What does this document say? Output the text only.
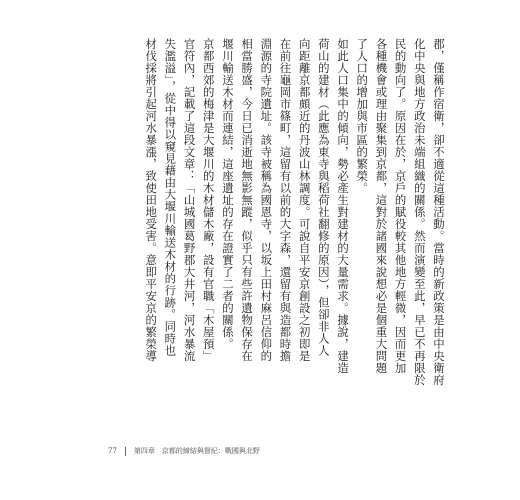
郡，僅稱作宿衛，卻不適從這種活動。當時的新政策是由中央衛府
化中央與地方政治未端組織的關係。然而演變至此，早已不再限於
民的動向了。原因在於，京戶的賦役較其他地方輕微，因而更加
各種機會或理由聚集到京都，這對於諸國來說想必是個重大問題
了人口的增加與市區的繁榮。
如此人口集中的傾向，勢必產生對建材的大量需求。據說，建造
荷山的建材（此應為東寺與稻荷社翻修的原因），但卻非人人
向距離京都頗近的丹波山林調度。可說自平安京創設之初即是
在前往龜岡市篠町，這留有以前的大字森，還留有與造都時擔
淵源的寺院遺址。該寺被稱為國恩寺，以坂上田村麻呂信仰的
相當勝盛，今日已消逝地無影無蹤，似乎只有些許遺物保存在
堰川輸送木材而連結，這座遺址的存在證實了二者的關係。
京都西郊的梅津是大堰川的木材儲木廠，設有官職「木屋預」
官符內，記載了這段文章：「山城國葛野郡大井河，河水暴流
失濫溢」，從中得以窺見藉由大堰川輸送木材的行跡。同時也
材伐採將引起河水暴漲，致使田地受害。意即平安京的繁榮導
77 第四章　京都的締結與督紀：戰國與北野
